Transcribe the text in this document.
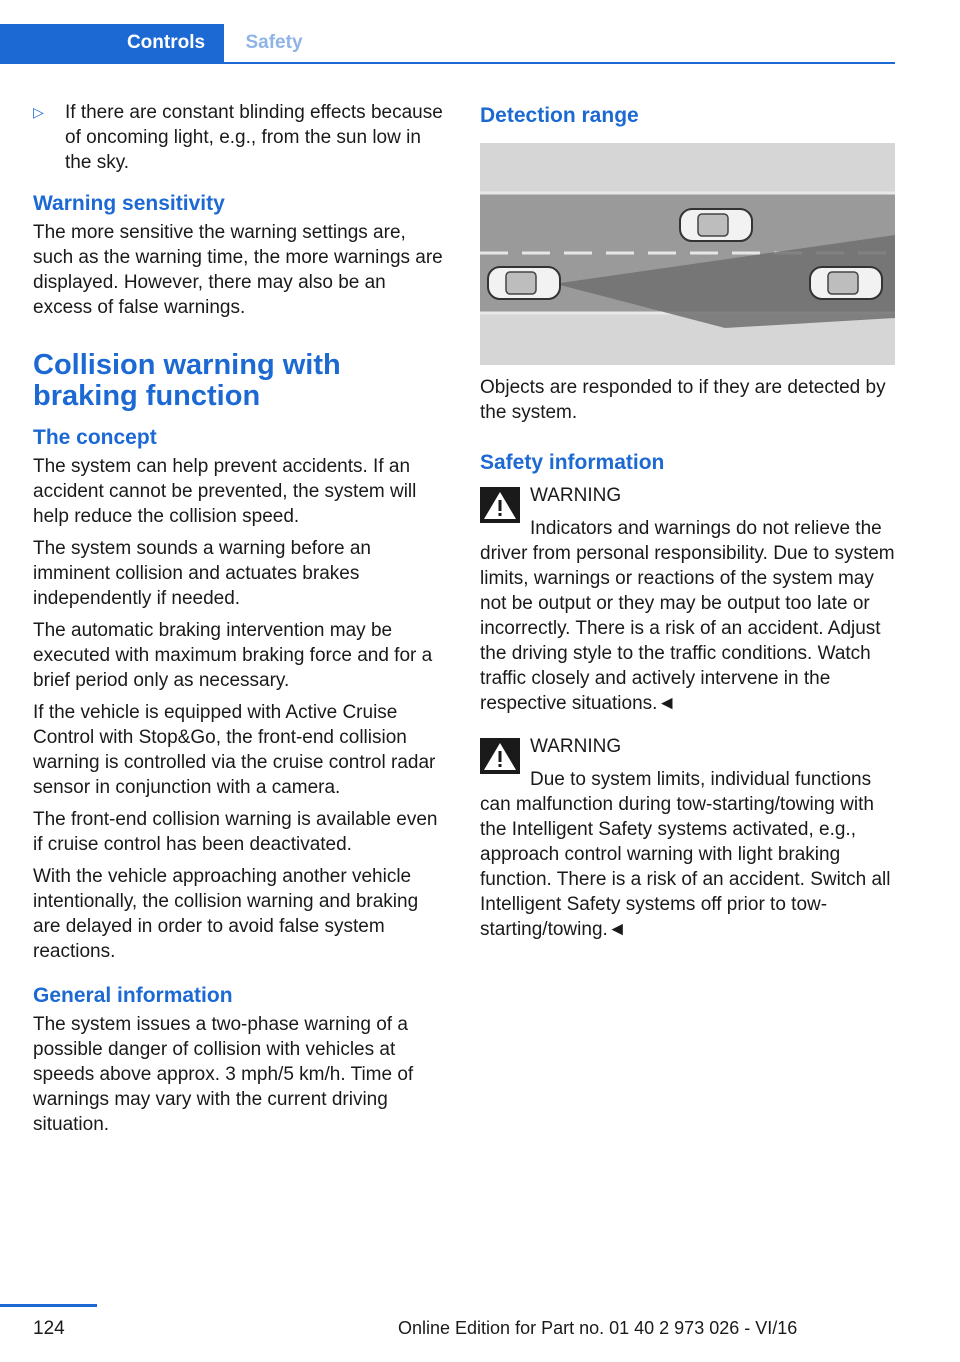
Controls	Safety
▷	If there are constant blinding effects because of oncoming light, e.g., from the sun low in the sky.
Warning sensitivity

The more sensitive the warning settings are, such as the warning time, the more warnings are displayed. However, there may also be an excess of false warnings.

Collision warning with braking function
The concept

The system can help prevent accidents. If an accident cannot be prevented, the system will help reduce the collision speed.

The system sounds a warning before an imminent collision and actuates brakes independently if needed.

The automatic braking intervention may be executed with maximum braking force and for a brief period only as necessary.

If the vehicle is equipped with Active Cruise Control with Stop&Go, the front-end collision warning is controlled via the cruise control radar sensor in conjunction with a camera.

The front-end collision warning is available even if cruise control has been deactivated.

With the vehicle approaching another vehicle intentionally, the collision warning and braking are delayed in order to avoid false system reactions.

General information

The system issues a two-phase warning of a possible danger of collision with vehicles at speeds above approx. 3 mph/5 km/h. Time of warnings may vary with the current driving situation.

Detection range

Objects are responded to if they are detected by the system.

Safety information
WARNING
Indicators and warnings do not relieve the driver from personal responsibility. Due to system limits, warnings or reactions of the system may not be output or they may be output too late or incorrectly. There is a risk of an accident. Adjust the driving style to the traffic conditions. Watch traffic closely and actively intervene in the respective situations.◄
WARNING
Due to system limits, individual functions can malfunction during tow-starting/towing with the Intelligent Safety systems activated, e.g., approach control warning with light braking function. There is a risk of an accident. Switch all Intelligent Safety systems off prior to tow-starting/towing.◄
124	Online Edition for Part no. 01 40 2 973 026 - VI/16
